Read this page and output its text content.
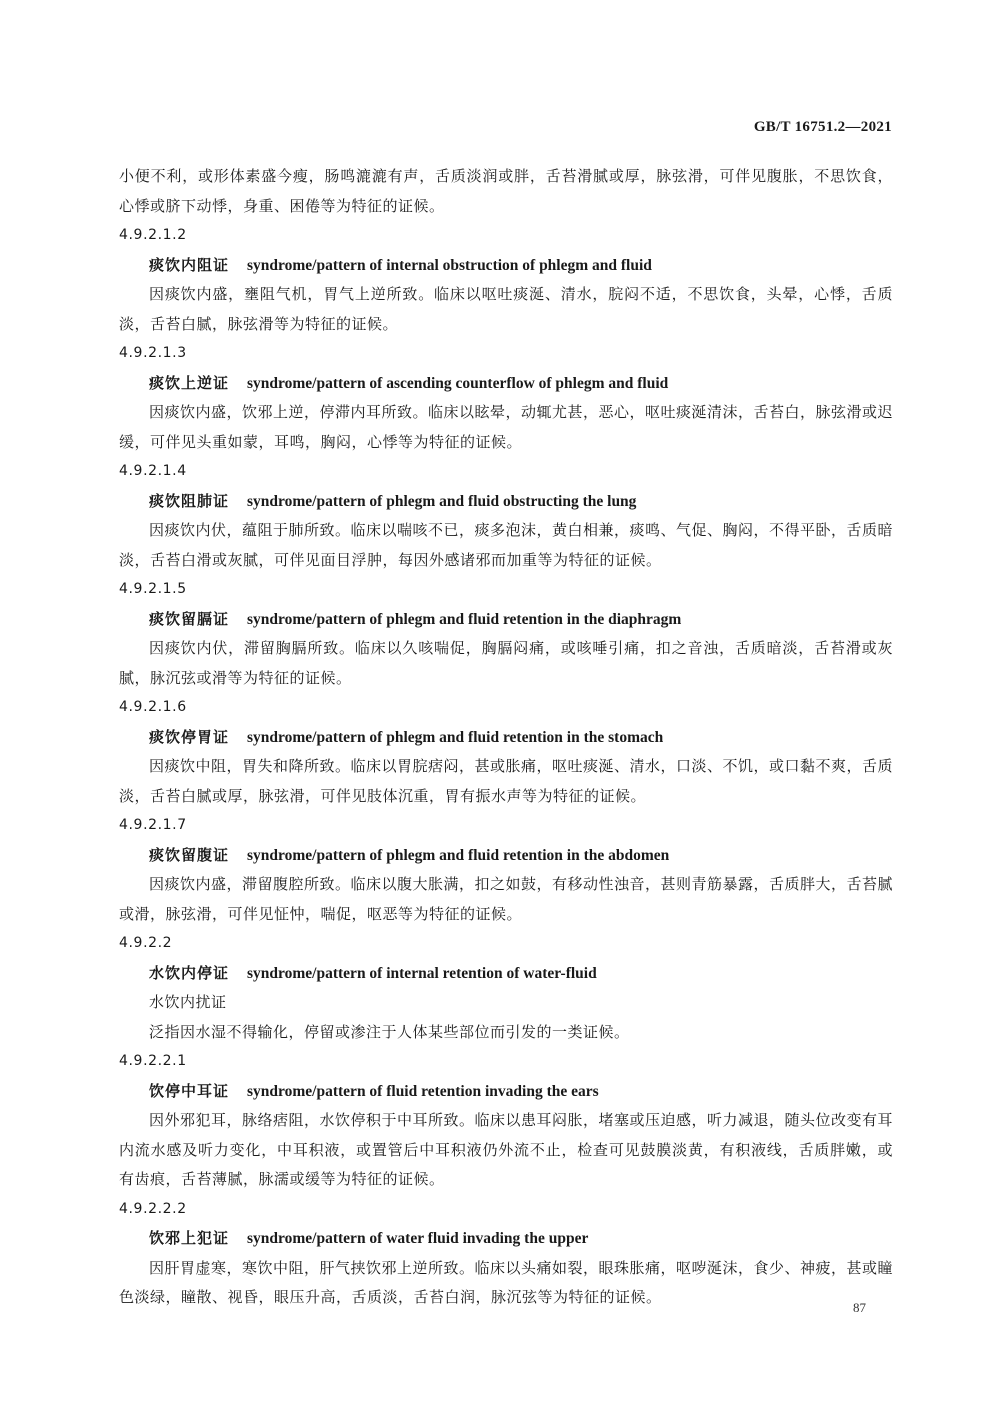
GB/T 16751.2—2021

小便不利，或形体素盛今瘦，肠鸣漉漉有声，舌质淡润或胖，舌苔滑腻或厚，脉弦滑，可伴见腹胀，不思饮食，心悸或脐下动悸，身重、困倦等为特征的证候。

4.9.2.1.2

痰饮内阻证 syndrome/pattern of internal obstruction of phlegm and fluid

因痰饮内盛，壅阻气机，胃气上逆所致。临床以呕吐痰涎、清水，脘闷不适，不思饮食，头晕，心悸，舌质淡，舌苔白腻，脉弦滑等为特征的证候。

4.9.2.1.3

痰饮上逆证 syndrome/pattern of ascending counterflow of phlegm and fluid

因痰饮内盛，饮邪上逆，停滞内耳所致。临床以眩晕，动辄尤甚，恶心，呕吐痰涎清沫，舌苔白，脉弦滑或迟缓，可伴见头重如蒙，耳鸣，胸闷，心悸等为特征的证候。

4.9.2.1.4

痰饮阻肺证 syndrome/pattern of phlegm and fluid obstructing the lung

因痰饮内伏，蕴阻于肺所致。临床以喘咳不已，痰多泡沫，黄白相兼，痰鸣、气促、胸闷，不得平卧，舌质暗淡，舌苔白滑或灰腻，可伴见面目浮肿，每因外感诸邪而加重等为特征的证候。

4.9.2.1.5

痰饮留膈证 syndrome/pattern of phlegm and fluid retention in the diaphragm

因痰饮内伏，滞留胸膈所致。临床以久咳喘促，胸膈闷痛，或咳唾引痛，扣之音浊，舌质暗淡，舌苔滑或灰腻，脉沉弦或滑等为特征的证候。

4.9.2.1.6

痰饮停胃证 syndrome/pattern of phlegm and fluid retention in the stomach

因痰饮中阻，胃失和降所致。临床以胃脘痞闷，甚或胀痛，呕吐痰涎、清水，口淡、不饥，或口黏不爽，舌质淡，舌苔白腻或厚，脉弦滑，可伴见肢体沉重，胃有振水声等为特征的证候。

4.9.2.1.7

痰饮留腹证 syndrome/pattern of phlegm and fluid retention in the abdomen

因痰饮内盛，滞留腹腔所致。临床以腹大胀满，扣之如鼓，有移动性浊音，甚则青筋暴露，舌质胖大，舌苔腻或滑，脉弦滑，可伴见怔忡，喘促，呕恶等为特征的证候。

4.9.2.2

水饮内停证 syndrome/pattern of internal retention of water-fluid

水饮内扰证

泛指因水湿不得输化，停留或渗注于人体某些部位而引发的一类证候。

4.9.2.2.1

饮停中耳证 syndrome/pattern of fluid retention invading the ears

因外邪犯耳，脉络痞阻，水饮停积于中耳所致。临床以患耳闷胀，堵塞或压迫感，听力减退，随头位改变有耳内流水感及听力变化，中耳积液，或置管后中耳积液仍外流不止，检查可见鼓膜淡黄，有积液线，舌质胖嫩，或有齿痕，舌苔薄腻，脉濡或缓等为特征的证候。

4.9.2.2.2

饮邪上犯证 syndrome/pattern of water fluid invading the upper

因肝胃虚寒，寒饮中阻，肝气挟饮邪上逆所致。临床以头痛如裂，眼珠胀痛，呕哕涎沫，食少、神疲，甚或瞳色淡绿，瞳散、视昏，眼压升高，舌质淡，舌苔白润，脉沉弦等为特征的证候。

87
